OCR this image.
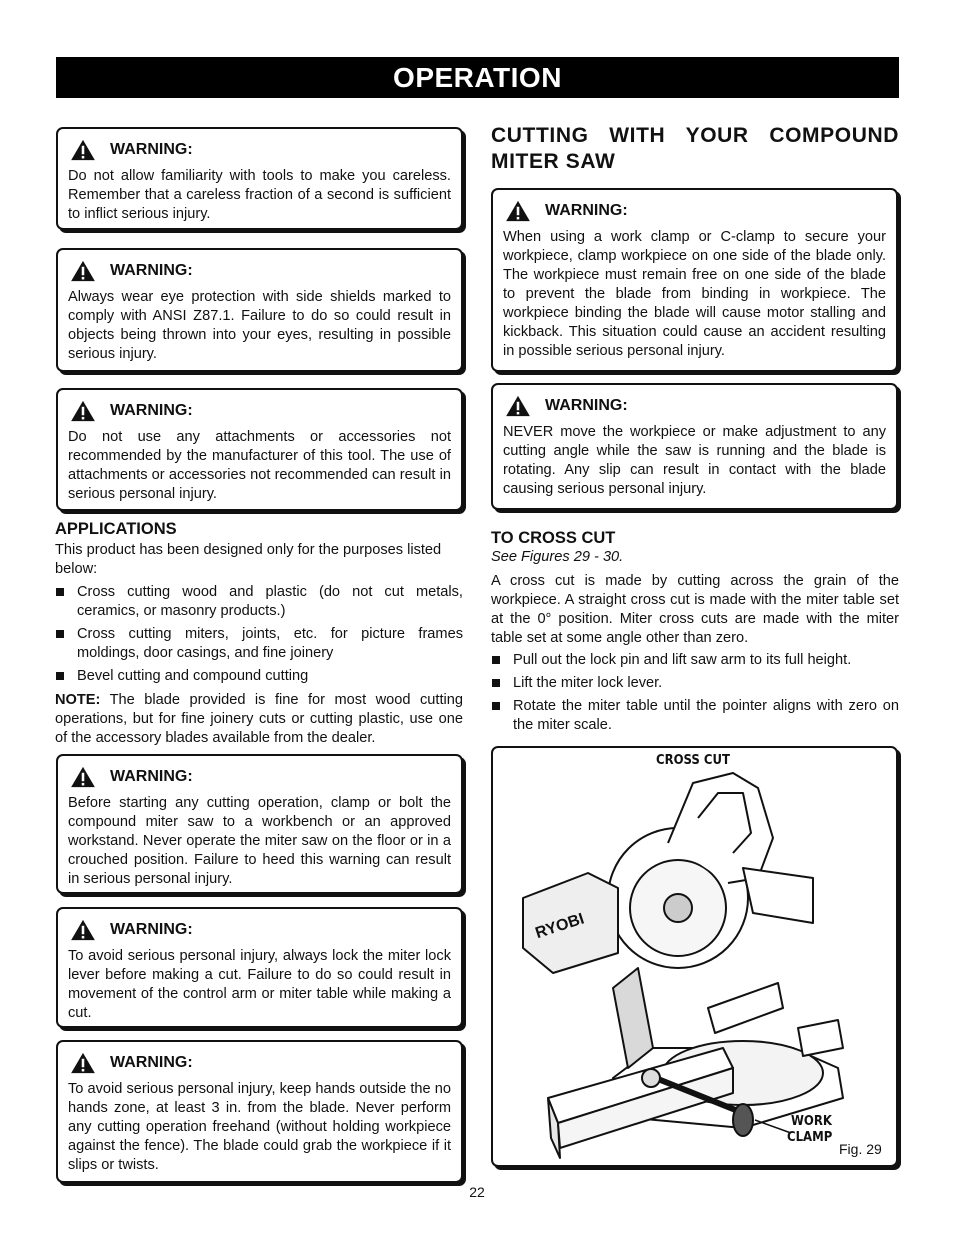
OPERATION
WARNING:
Do not allow familiarity with tools to make you careless. Remember that a careless fraction of a second is sufficient to inflict serious injury.
WARNING:
Always wear eye protection with side shields marked to comply with ANSI Z87.1. Failure to do so could result in objects being thrown into your eyes, resulting in possible serious injury.
WARNING:
Do not use any attachments or accessories not recommended by the manufacturer of this tool. The use of attachments or accessories not recommended can result in serious personal injury.
APPLICATIONS
This product has been designed only for the purposes listed below:
Cross cutting wood and plastic (do not cut metals, ceramics, or masonry products.)
Cross cutting miters, joints, etc. for picture frames moldings, door casings, and fine joinery
Bevel cutting and compound cutting
NOTE: The blade provided is fine for most wood cutting operations, but for fine joinery cuts or cutting plastic, use one of the accessory blades available from the dealer.
WARNING:
Before starting any cutting operation, clamp or bolt the compound miter saw to a workbench or an approved workstand. Never operate the miter saw on the floor or in a crouched position. Failure to heed this warning can result in serious personal injury.
WARNING:
To avoid serious personal injury, always lock the miter lock lever before making a cut. Failure to do so could result in movement of the control arm or miter table while making a cut.
WARNING:
To avoid serious personal injury, keep hands outside the no hands zone, at least 3 in. from the blade. Never perform any cutting operation freehand (without holding workpiece against the fence). The blade could grab the workpiece if it slips or twists.
CUTTING WITH YOUR COMPOUND MITER SAW
WARNING:
When using a work clamp or C-clamp to secure your workpiece, clamp workpiece on one side of the blade only. The workpiece must remain free on one side of the blade to prevent the blade from binding in workpiece. The workpiece binding the blade will cause motor stalling and kickback. This situation could cause an accident resulting in possible serious personal injury.
WARNING:
NEVER move the workpiece or make adjustment to any cutting angle while the saw is running and the blade is rotating. Any slip can result in contact with the blade causing serious personal injury.
TO CROSS CUT
See Figures 29 - 30.
A cross cut is made by cutting across the grain of the workpiece. A straight cross cut is made with the miter table set at the 0° position. Miter cross cuts are made with the miter table set at some angle other than zero.
Pull out the lock pin and lift saw arm to its full height.
Lift the miter lock lever.
Rotate the miter table until the pointer aligns with zero on the miter scale.
CROSS CUT
RYOBI
WORK
CLAMP
Fig. 29
22
